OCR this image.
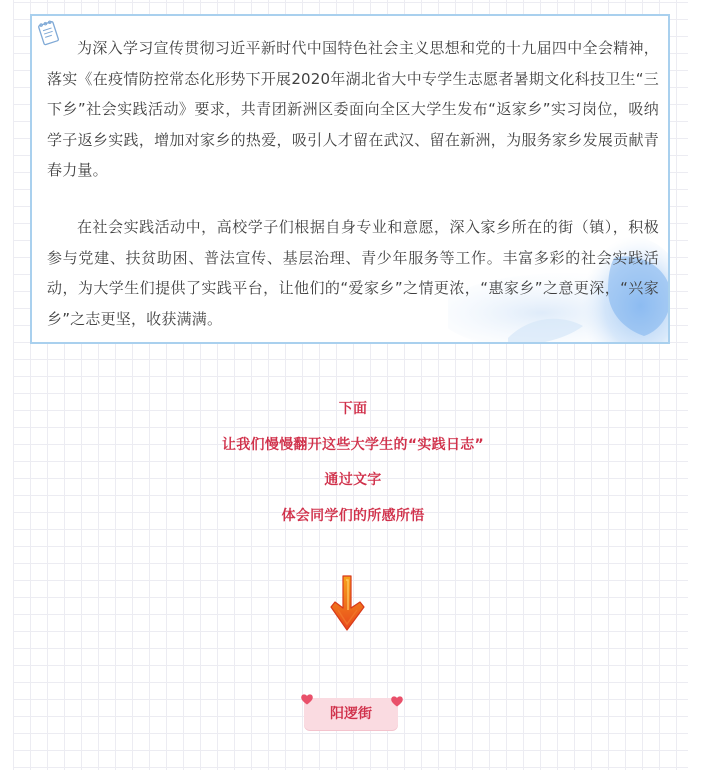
为深入学习宣传贯彻习近平新时代中国特色社会主义思想和党的十九届四中全会精神，落实《在疫情防控常态化形势下开展2020年湖北省大中专学生志愿者暑期文化科技卫生“三下乡”社会实践活动》要求，共青团新洲区委面向全区大学生发布“返家乡”实习岗位，吸纳学子返乡实践，增加对家乡的热爱，吸引人才留在武汉、留在新洲，为服务家乡发展贡献青春力量。

在社会实践活动中，高校学子们根据自身专业和意愿，深入家乡所在的街（镇），积极参与党建、扶贫助困、普法宣传、基层治理、青少年服务等工作。丰富多彩的社会实践活动，为大学生们提供了实践平台，让他们的“爱家乡”之情更浓，“惠家乡”之意更深，“兴家乡”之志更坚，收获满满。

下面
让我们慢慢翻开这些大学生的“实践日志”
通过文字
体会同学们的所感所悟
阳逻街
